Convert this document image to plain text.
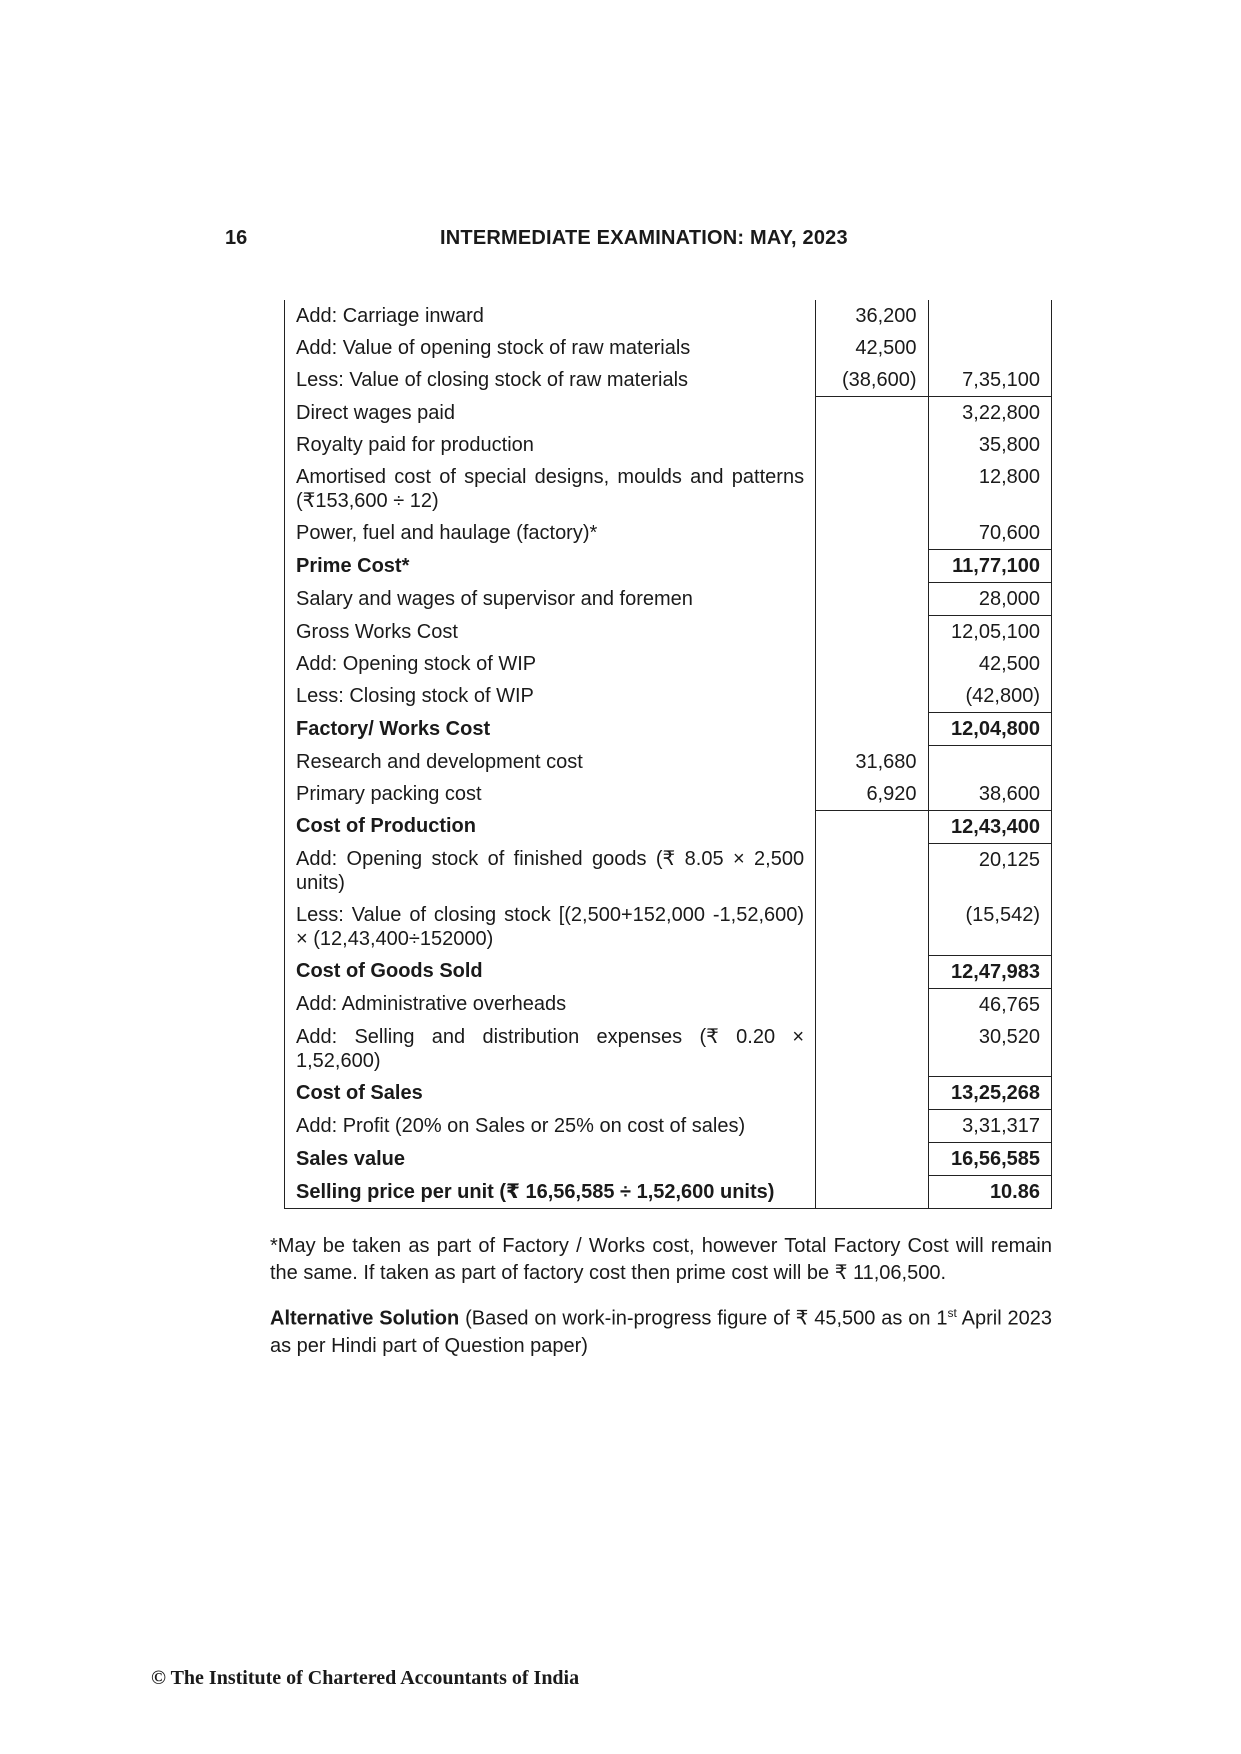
16	INTERMEDIATE EXAMINATION: MAY, 2023
Add: Carriage inward	36,200	
Add: Value of opening stock of raw materials	42,500	
Less: Value of closing stock of raw materials	(38,600)	7,35,100
Direct wages paid		3,22,800
Royalty paid for production		35,800
Amortised cost of special designs, moulds and patterns (₹153,600 ÷ 12)		12,800
Power, fuel and haulage (factory)*		70,600
Prime Cost*		11,77,100
Salary and wages of supervisor and foremen		28,000
Gross Works Cost		12,05,100
Add: Opening stock of WIP		42,500
Less: Closing stock of WIP		(42,800)
Factory/ Works Cost		12,04,800
Research and development cost	31,680	
Primary packing cost	6,920	38,600
Cost of Production		12,43,400
Add: Opening stock of finished goods (₹ 8.05 × 2,500 units)		20,125
Less: Value of closing stock [(2,500+152,000 -1,52,600) × (12,43,400÷152000)		(15,542)
Cost of Goods Sold		12,47,983
Add: Administrative overheads		46,765
Add: Selling and distribution expenses (₹ 0.20 × 1,52,600)		30,520
Cost of Sales		13,25,268
Add: Profit (20% on Sales or 25% on cost of sales)		3,31,317
Sales value		16,56,585
Selling price per unit (₹ 16,56,585 ÷ 1,52,600 units)		10.86
*May be taken as part of Factory / Works cost, however Total Factory Cost will remain the same. If taken as part of factory cost then prime cost will be ₹ 11,06,500.
Alternative Solution (Based on work-in-progress figure of ₹ 45,500 as on 1st April 2023 as per Hindi part of Question paper)
© The Institute of Chartered Accountants of India
